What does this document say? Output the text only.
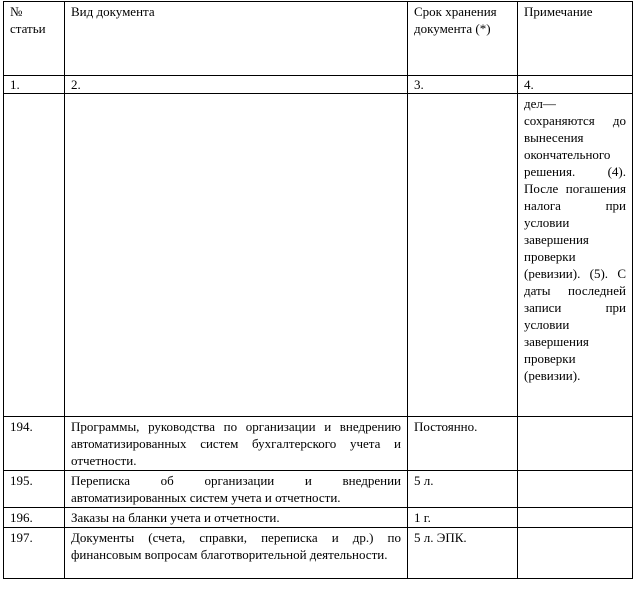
№ статьи	Вид документа	Срок хранения документа (*)	Примечание
1.	2.	3.	4.

			дел— сохраняются до вынесения окончательного решения. (4). После погашения налога при условии завершения проверки (ревизии). (5). С даты последней записи при условии завершения проверки (ревизии).

194.	Программы, руководства по организации и внедрению автоматизированных систем бухгалтерского учета и отчетности.	Постоянно.	
195.	Переписка об организации и внедрении автоматизированных систем учета и отчетности.	5 л.	
196.	Заказы на бланки учета и отчетности.	1 г.	
197.	Документы (счета, справки, переписка и др.) по финансовым вопросам благотворительной деятельности.	5 л. ЭПК.	
